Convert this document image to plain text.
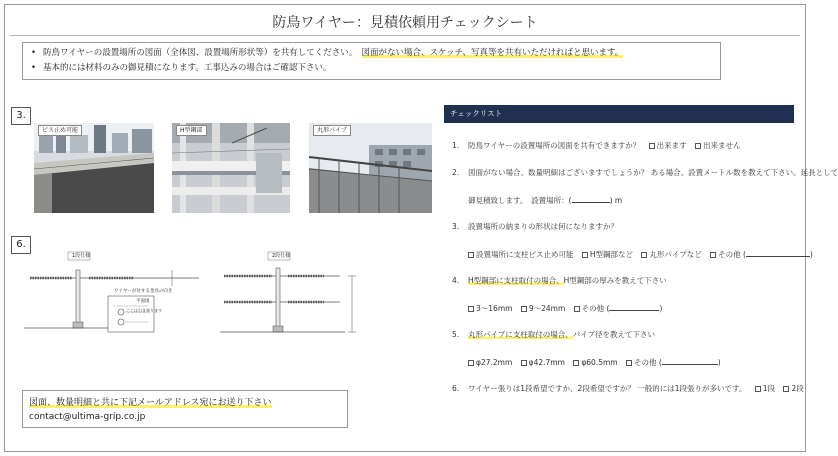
防鳥ワイヤー：見積依頼用チェックシート
• 防鳥ワイヤーの設置場所の図面（全体図、設置場所形状等）を共有してください。　 図面がない場合、スケッチ、写真等を共有いただければと思います。
• 基本的には材料のみの御見積になります。工事込みの場合はご確認下さい。
3.
ビス止め可能	H型鋼部	丸形パイプ
6.
1段仕様
ワイヤーが付する金具の向き
平面図
ここは引き張ります
2段仕様
図面、数量明細と共に下記メールアドレス宛にお送り下さい
contact@ultima-grip.co.jp
チェックリスト
1. 防鳥ワイヤーの設置場所の図面を共有できますか？ 出来ます 出来ません
2. 図面がない場合、数量明細はございますでしょうか？ ある場合、設置メートル数を教えて下さい。延長として
御見積致します。　設置場所：(	) m
3. 設置場所の納まりの形状は何になりますか？
設置場所に支柱ビス止め可能 H型鋼部など 丸形パイプなど その他 (	)
4. H型鋼部に支柱取付の場合、H型鋼部の厚みを教えて下さい
3～16mm 9～24mm その他 (	)
5. 丸形パイプに支柱取付の場合、パイプ径を教えて下さい
φ27.2mm φ42.7mm φ60.5mm その他 (	)
6. ワイヤー張りは1段希望ですか、2段希望ですか？ 一般的には1段張りが多いです。 1段 2段
